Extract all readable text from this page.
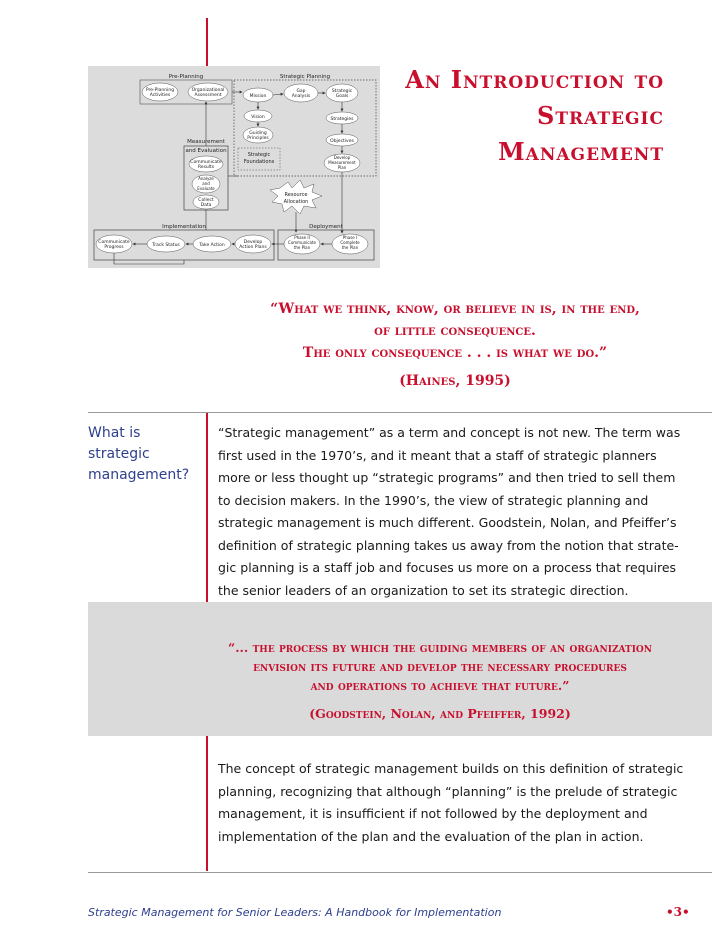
Pre-Planning
Pre-Planning
Activities
Organizational
Assessment
Strategic Planning
Mission
Gap
Analysis
Strategic
Goals
Vision	Strategies
Guiding
Principles
Objectives
Strategic
Foundations
Develop
Measurement
Plan
Measurement
and Evaluation
Communicate
Results
Analyze
and
Evaluate
Collect
Data
Resource
Allocation
Implementation
Communicate
Progress	Track Status	Take Action
Develop
Action Plans
Deployment
Phase II
Communicate
the Plan
Phase I
Complete
the Plan
An Introduction to
Strategic
Management
“What we think, know, or believe in is, in the end,
of little consequence.
The only consequence . . . is what we do.”
(Haines, 1995)
What is
strategic
management?
“Strategic management” as a term and concept is not new. The term was
first used in the 1970’s, and it meant that a staff of strategic planners
more or less thought up “strategic programs” and then tried to sell them
to decision makers. In the 1990’s, the view of strategic planning and
strategic management is much different. Goodstein, Nolan, and Pfeiffer’s
definition of strategic planning takes us away from the notion that strate-
gic planning is a staff job and focuses us more on a process that requires
the senior leaders of an organization to set its strategic direction.
“... the process by which the guiding members of an organization
envision its future and develop the necessary procedures
and operations to achieve that future.”
(Goodstein, Nolan, and Pfeiffer, 1992)
The concept of strategic management builds on this definition of strategic
planning, recognizing that although “planning” is the prelude of strategic
management, it is insufficient if not followed by the deployment and
implementation of the plan and the evaluation of the plan in action.
Strategic Management for Senior Leaders: A Handbook for Implementation	•3•
